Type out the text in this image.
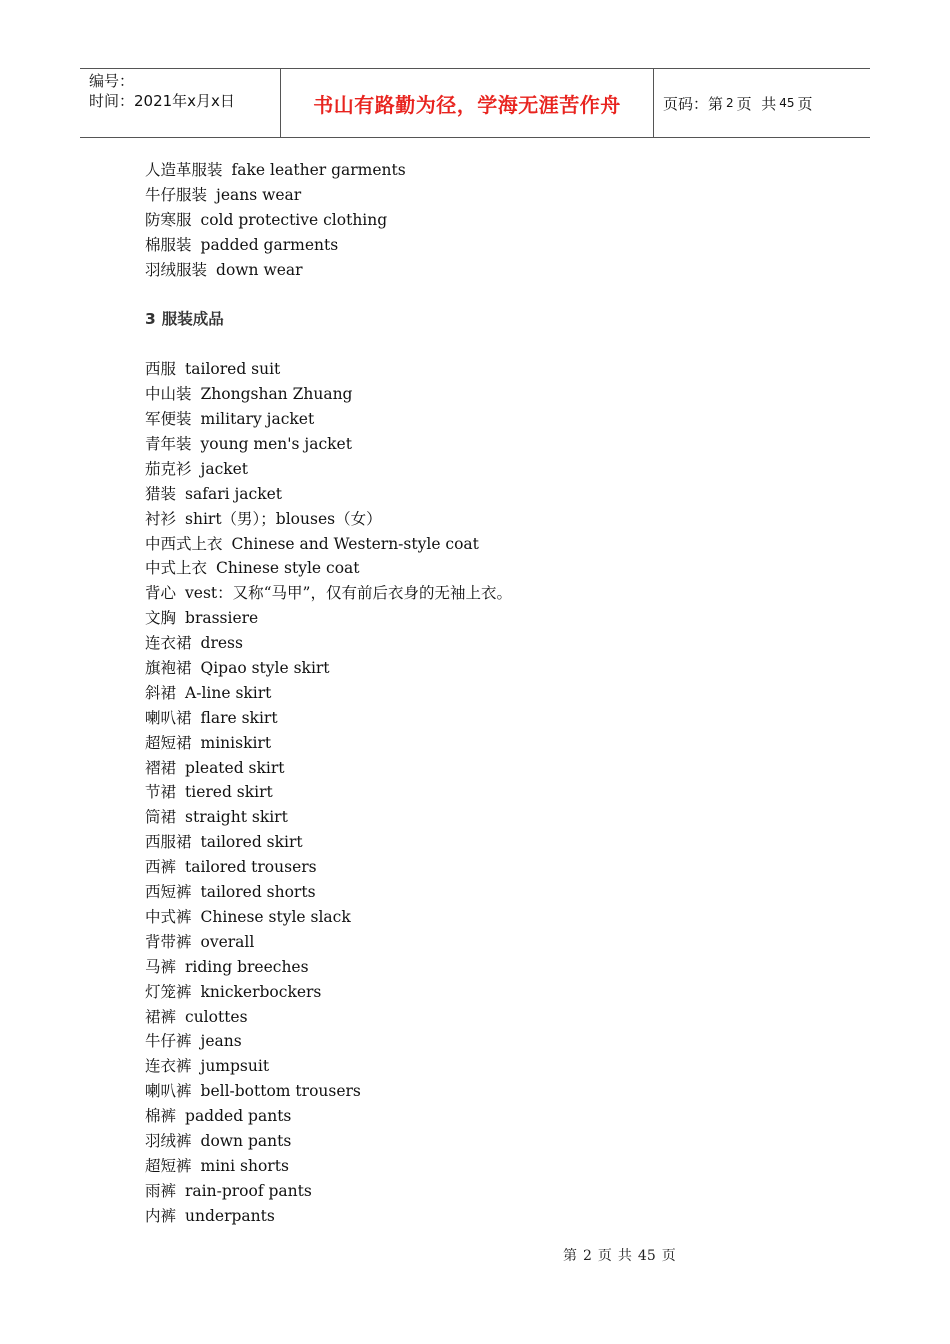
编号：
时间：2021年x月x日	书山有路勤为径，学海无涯苦作舟	页码：第 2 页  共 45 页
人造革服装 fake leather garments
牛仔服装 jeans wear
防寒服 cold protective clothing
棉服装 padded garments
羽绒服装 down wear
3 服装成品
西服 tailored suit
中山装 Zhongshan Zhuang
军便装 military jacket
青年装 young men's jacket
茄克衫 jacket
猎装 safari jacket
衬衫 shirt（男）；blouses（女）
中西式上衣 Chinese and Western-style coat
中式上衣 Chinese style coat
背心 vest：又称“马甲”，仅有前后衣身的无袖上衣。
文胸 brassiere
连衣裙 dress
旗袍裙 Qipao style skirt
斜裙 A-line skirt
喇叭裙 flare skirt
超短裙 miniskirt
褶裙 pleated skirt
节裙 tiered skirt
筒裙 straight skirt
西服裙 tailored skirt
西裤 tailored trousers
西短裤 tailored shorts
中式裤 Chinese style slack
背带裤 overall
马裤 riding breeches
灯笼裤 knickerbockers
裙裤 culottes
牛仔裤 jeans
连衣裤 jumpsuit
喇叭裤 bell-bottom trousers
棉裤 padded pants
羽绒裤 down pants
超短裤 mini shorts
雨裤 rain-proof pants
内裤 underpants
第 2 页 共 45 页
